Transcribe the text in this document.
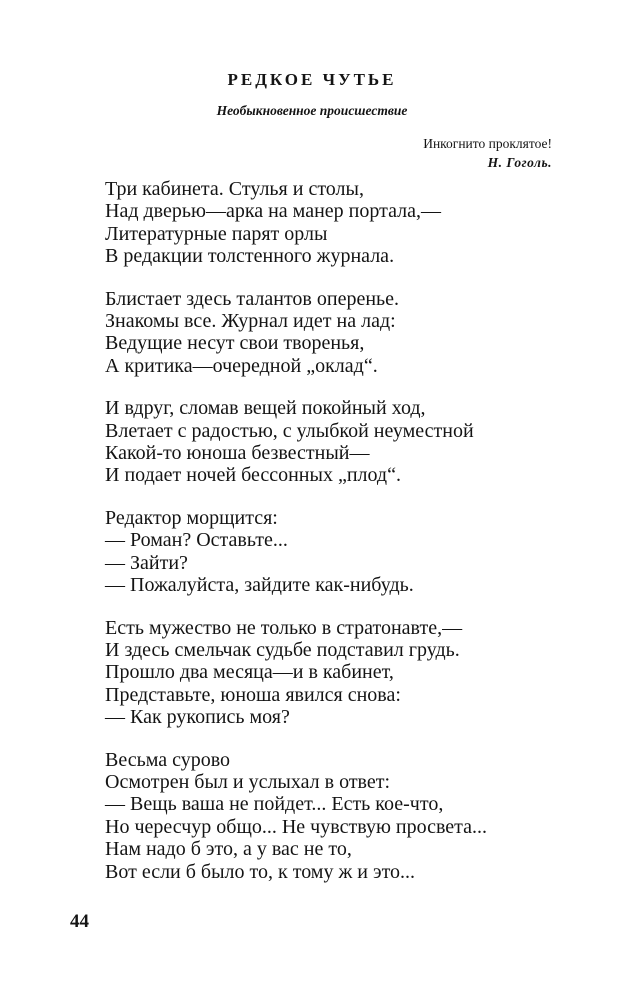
РЕДКОЕ ЧУТЬЕ
Необыкновенное происшествие
Инкогнито проклятое!
Н. Гоголь.
Три кабинета. Стулья и столы,
Над дверью—арка на манер портала,—
Литературные парят орлы
В редакции толстенного журнала.
Блистает здесь талантов оперенье.
Знакомы все. Журнал идет на лад:
Ведущие несут свои творенья,
А критика—очередной „оклад“.
И вдруг, сломав вещей покойный ход,
Влетает с радостью, с улыбкой неуместной
Какой-то юноша безвестный—
И подает ночей бессонных „плод“.
Редактор морщится:
— Роман? Оставьте...
— Зайти?
— Пожалуйста, зайдите как-нибудь.
Есть мужество не только в стратонавте,—
И здесь смельчак судьбе подставил грудь.
Прошло два месяца—и в кабинет,
Представьте, юноша явился снова:
— Как рукопись моя?
Весьма сурово
Осмотрен был и услыхал в ответ:
— Вещь ваша не пойдет... Есть кое-что,
Но чересчур общо... Не чувствую просвета...
Нам надо б это, а у вас не то,
Вот если б было то, к тому ж и это...
44
